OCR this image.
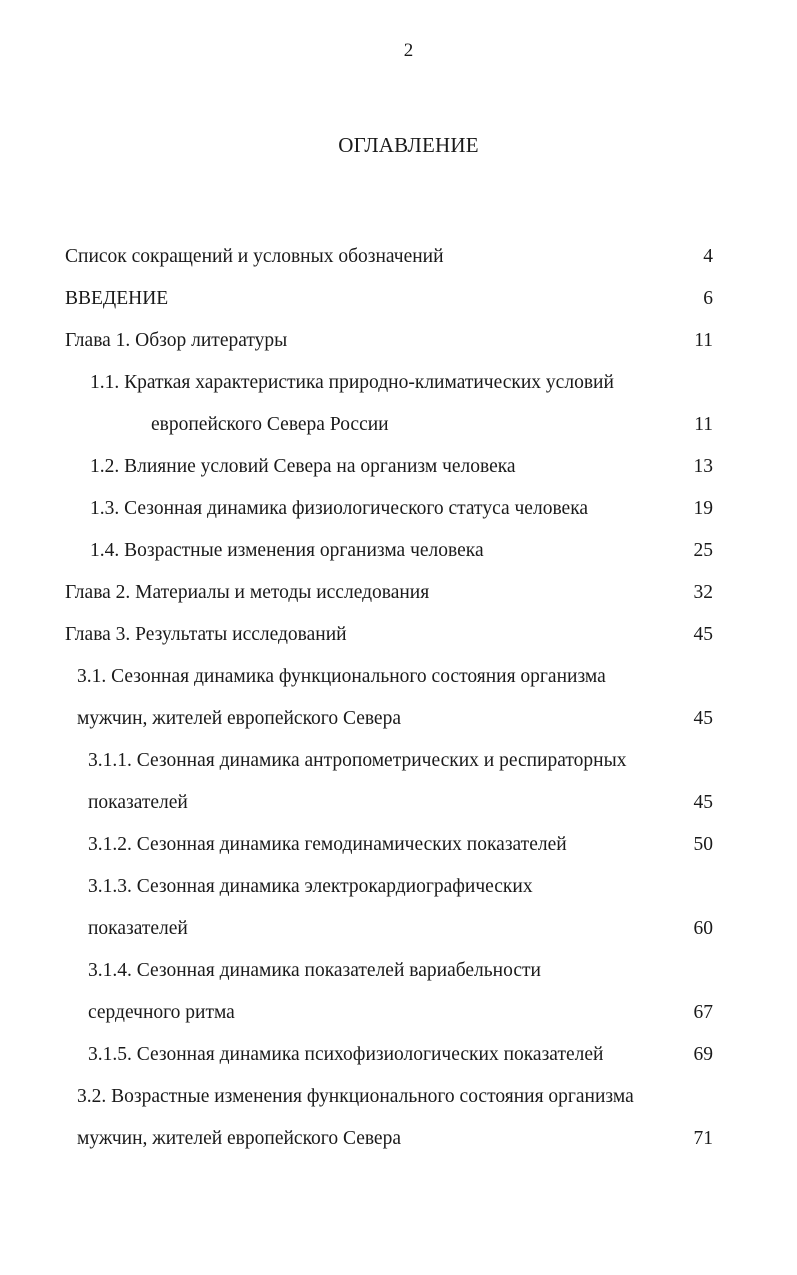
2
ОГЛАВЛЕНИЕ
Список сокращений и условных обозначений	4
ВВЕДЕНИЕ	6
Глава 1. Обзор литературы	11
1.1. Краткая характеристика природно-климатических условий
европейского Севера России	11
1.2. Влияние условий Севера на организм человека	13
1.3. Сезонная динамика физиологического статуса человека	19
1.4. Возрастные изменения организма человека	25
Глава 2. Материалы и методы исследования	32
Глава 3. Результаты исследований	45
3.1. Сезонная динамика функционального состояния организма
мужчин, жителей европейского Севера	45
3.1.1. Сезонная динамика антропометрических и респираторных
показателей	45
3.1.2. Сезонная динамика гемодинамических показателей	50
3.1.3. Сезонная динамика электрокардиографических
показателей	60
3.1.4. Сезонная динамика показателей вариабельности
сердечного ритма	67
3.1.5. Сезонная динамика психофизиологических показателей	69
3.2. Возрастные изменения функционального состояния организма
мужчин, жителей европейского Севера	71
